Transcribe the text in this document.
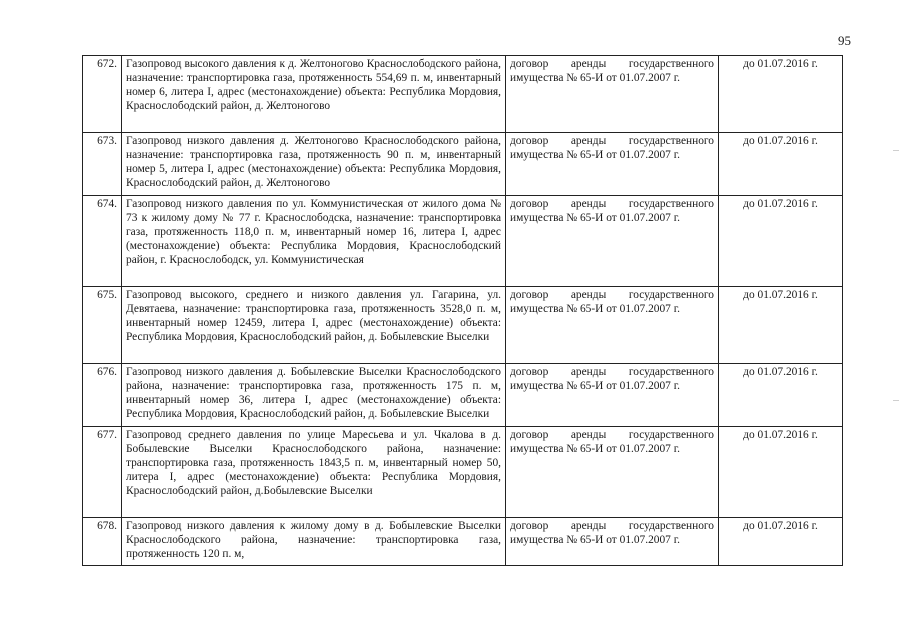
95
672.	Газопровод высокого давления к д. Желтоногово Краснослободского района, назначение: транспортировка газа, протяженность 554,69 п. м, инвентарный номер 6, литера I, адрес (местонахождение) объекта: Республика Мордовия, Краснослободский район, д. Желтоногово	договор аренды государственного имущества № 65-И от 01.07.2007 г.	до 01.07.2016 г.
673.	Газопровод низкого давления д. Желтоногово Краснослободского района, назначение: транспортировка газа, протяженность 90 п. м, инвентарный номер 5, литера I, адрес (местонахождение) объекта: Республика Мордовия, Краснослободский район, д. Желтоногово	договор аренды государственного имущества № 65-И от 01.07.2007 г.	до 01.07.2016 г.
674.	Газопровод низкого давления по ул. Коммунистическая от жилого дома № 73 к жилому дому № 77 г. Краснослободска, назначение: транспортировка газа, протяженность 118,0 п. м, инвентарный номер 16, литера I, адрес (местонахождение) объекта: Республика Мордовия, Краснослободский район, г. Краснослободск, ул. Коммунистическая	договор аренды государственного имущества № 65-И от 01.07.2007 г.	до 01.07.2016 г.
675.	Газопровод высокого, среднего и низкого давления ул. Гагарина, ул. Девятаева, назначение: транспортировка газа, протяженность 3528,0 п. м, инвентарный номер 12459, литера I, адрес (местонахождение) объекта: Республика Мордовия, Краснослободский район, д. Бобылевские Выселки	договор аренды государственного имущества № 65-И от 01.07.2007 г.	до 01.07.2016 г.
676.	Газопровод низкого давления д. Бобылевские Выселки Краснослободского района, назначение: транспортировка газа, протяженность 175 п. м, инвентарный номер 36, литера I, адрес (местонахождение) объекта: Республика Мордовия, Краснослободский район, д. Бобылевские Выселки	договор аренды государственного имущества № 65-И от 01.07.2007 г.	до 01.07.2016 г.
677.	Газопровод среднего давления по улице Маресьева и ул. Чкалова в д. Бобылевские Выселки Краснослободского района, назначение: транспортировка газа, протяженность 1843,5 п. м, инвентарный номер 50, литера I, адрес (местонахождение) объекта: Республика Мордовия, Краснослободский район, д.Бобылевские Выселки	договор аренды государственного имущества № 65-И от 01.07.2007 г.	до 01.07.2016 г.
678.	Газопровод низкого давления к жилому дому в д. Бобылевские Выселки Краснослободского района, назначение: транспортировка газа, протяженность 120 п. м,	договор аренды государственного имущества № 65-И от 01.07.2007 г.	до 01.07.2016 г.
